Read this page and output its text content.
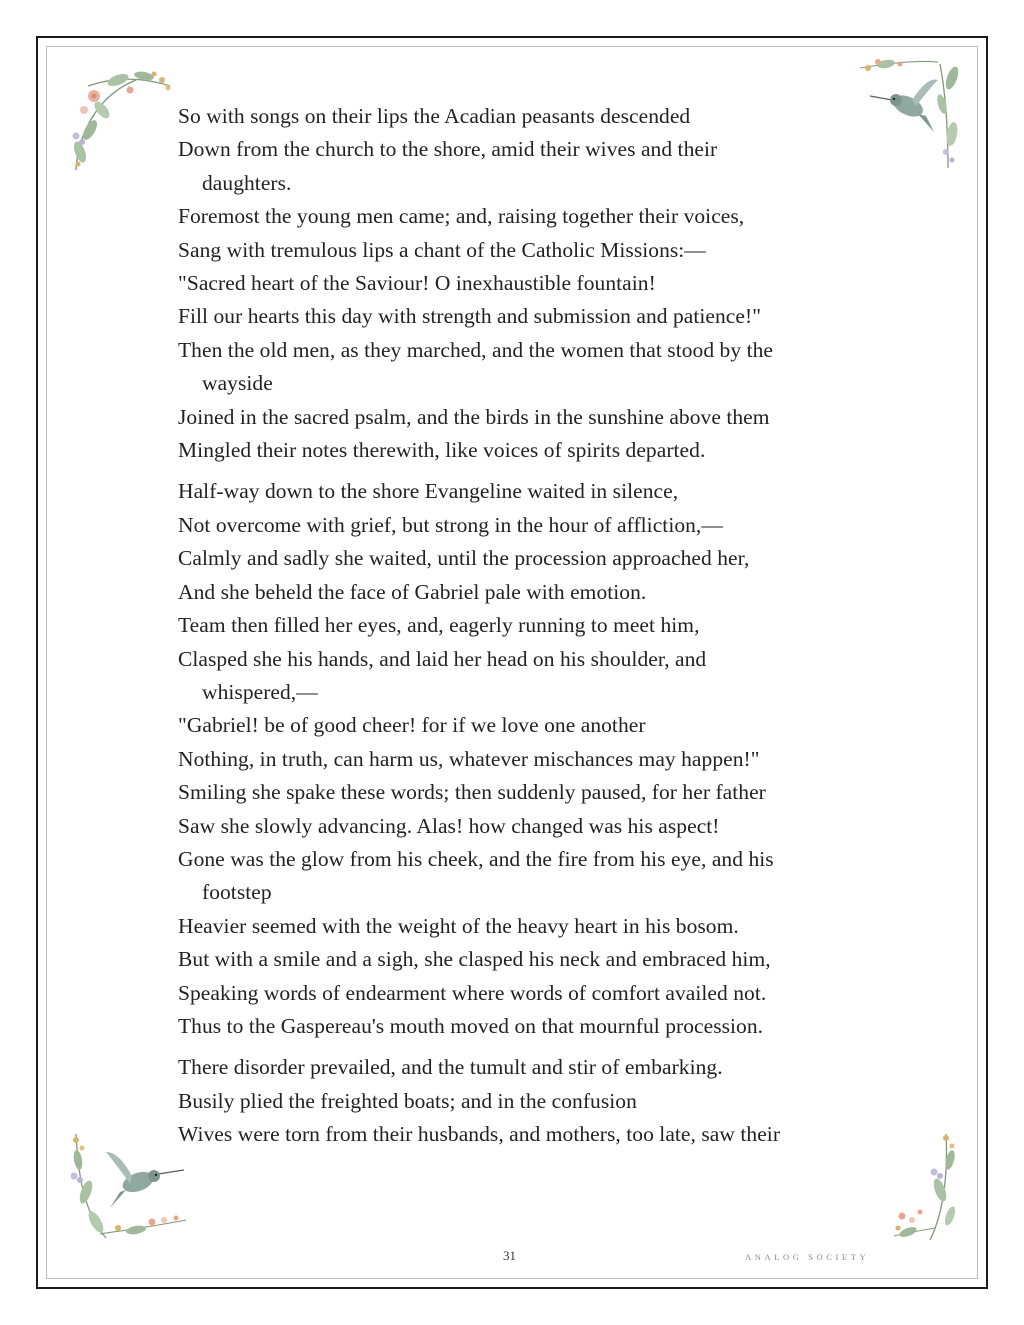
So with songs on their lips the Acadian peasants descended
Down from the church to the shore, amid their wives and their
daughters.
Foremost the young men came; and, raising together their voices,
Sang with tremulous lips a chant of the Catholic Missions:—
"Sacred heart of the Saviour! O inexhaustible fountain!
Fill our hearts this day with strength and submission and patience!"
Then the old men, as they marched, and the women that stood by the
wayside
Joined in the sacred psalm, and the birds in the sunshine above them
Mingled their notes therewith, like voices of spirits departed.
Half-way down to the shore Evangeline waited in silence,
Not overcome with grief, but strong in the hour of affliction,—
Calmly and sadly she waited, until the procession approached her,
And she beheld the face of Gabriel pale with emotion.
Team then filled her eyes, and, eagerly running to meet him,
Clasped she his hands, and laid her head on his shoulder, and
whispered,—
"Gabriel! be of good cheer! for if we love one another
Nothing, in truth, can harm us, whatever mischances may happen!"
Smiling she spake these words; then suddenly paused, for her father
Saw she slowly advancing. Alas! how changed was his aspect!
Gone was the glow from his cheek, and the fire from his eye, and his
footstep
Heavier seemed with the weight of the heavy heart in his bosom.
But with a smile and a sigh, she clasped his neck and embraced him,
Speaking words of endearment where words of comfort availed not.
Thus to the Gaspereau's mouth moved on that mournful procession.
There disorder prevailed, and the tumult and stir of embarking.
Busily plied the freighted boats; and in the confusion
Wives were torn from their husbands, and mothers, too late, saw their
31	ANALOG SOCIETY
